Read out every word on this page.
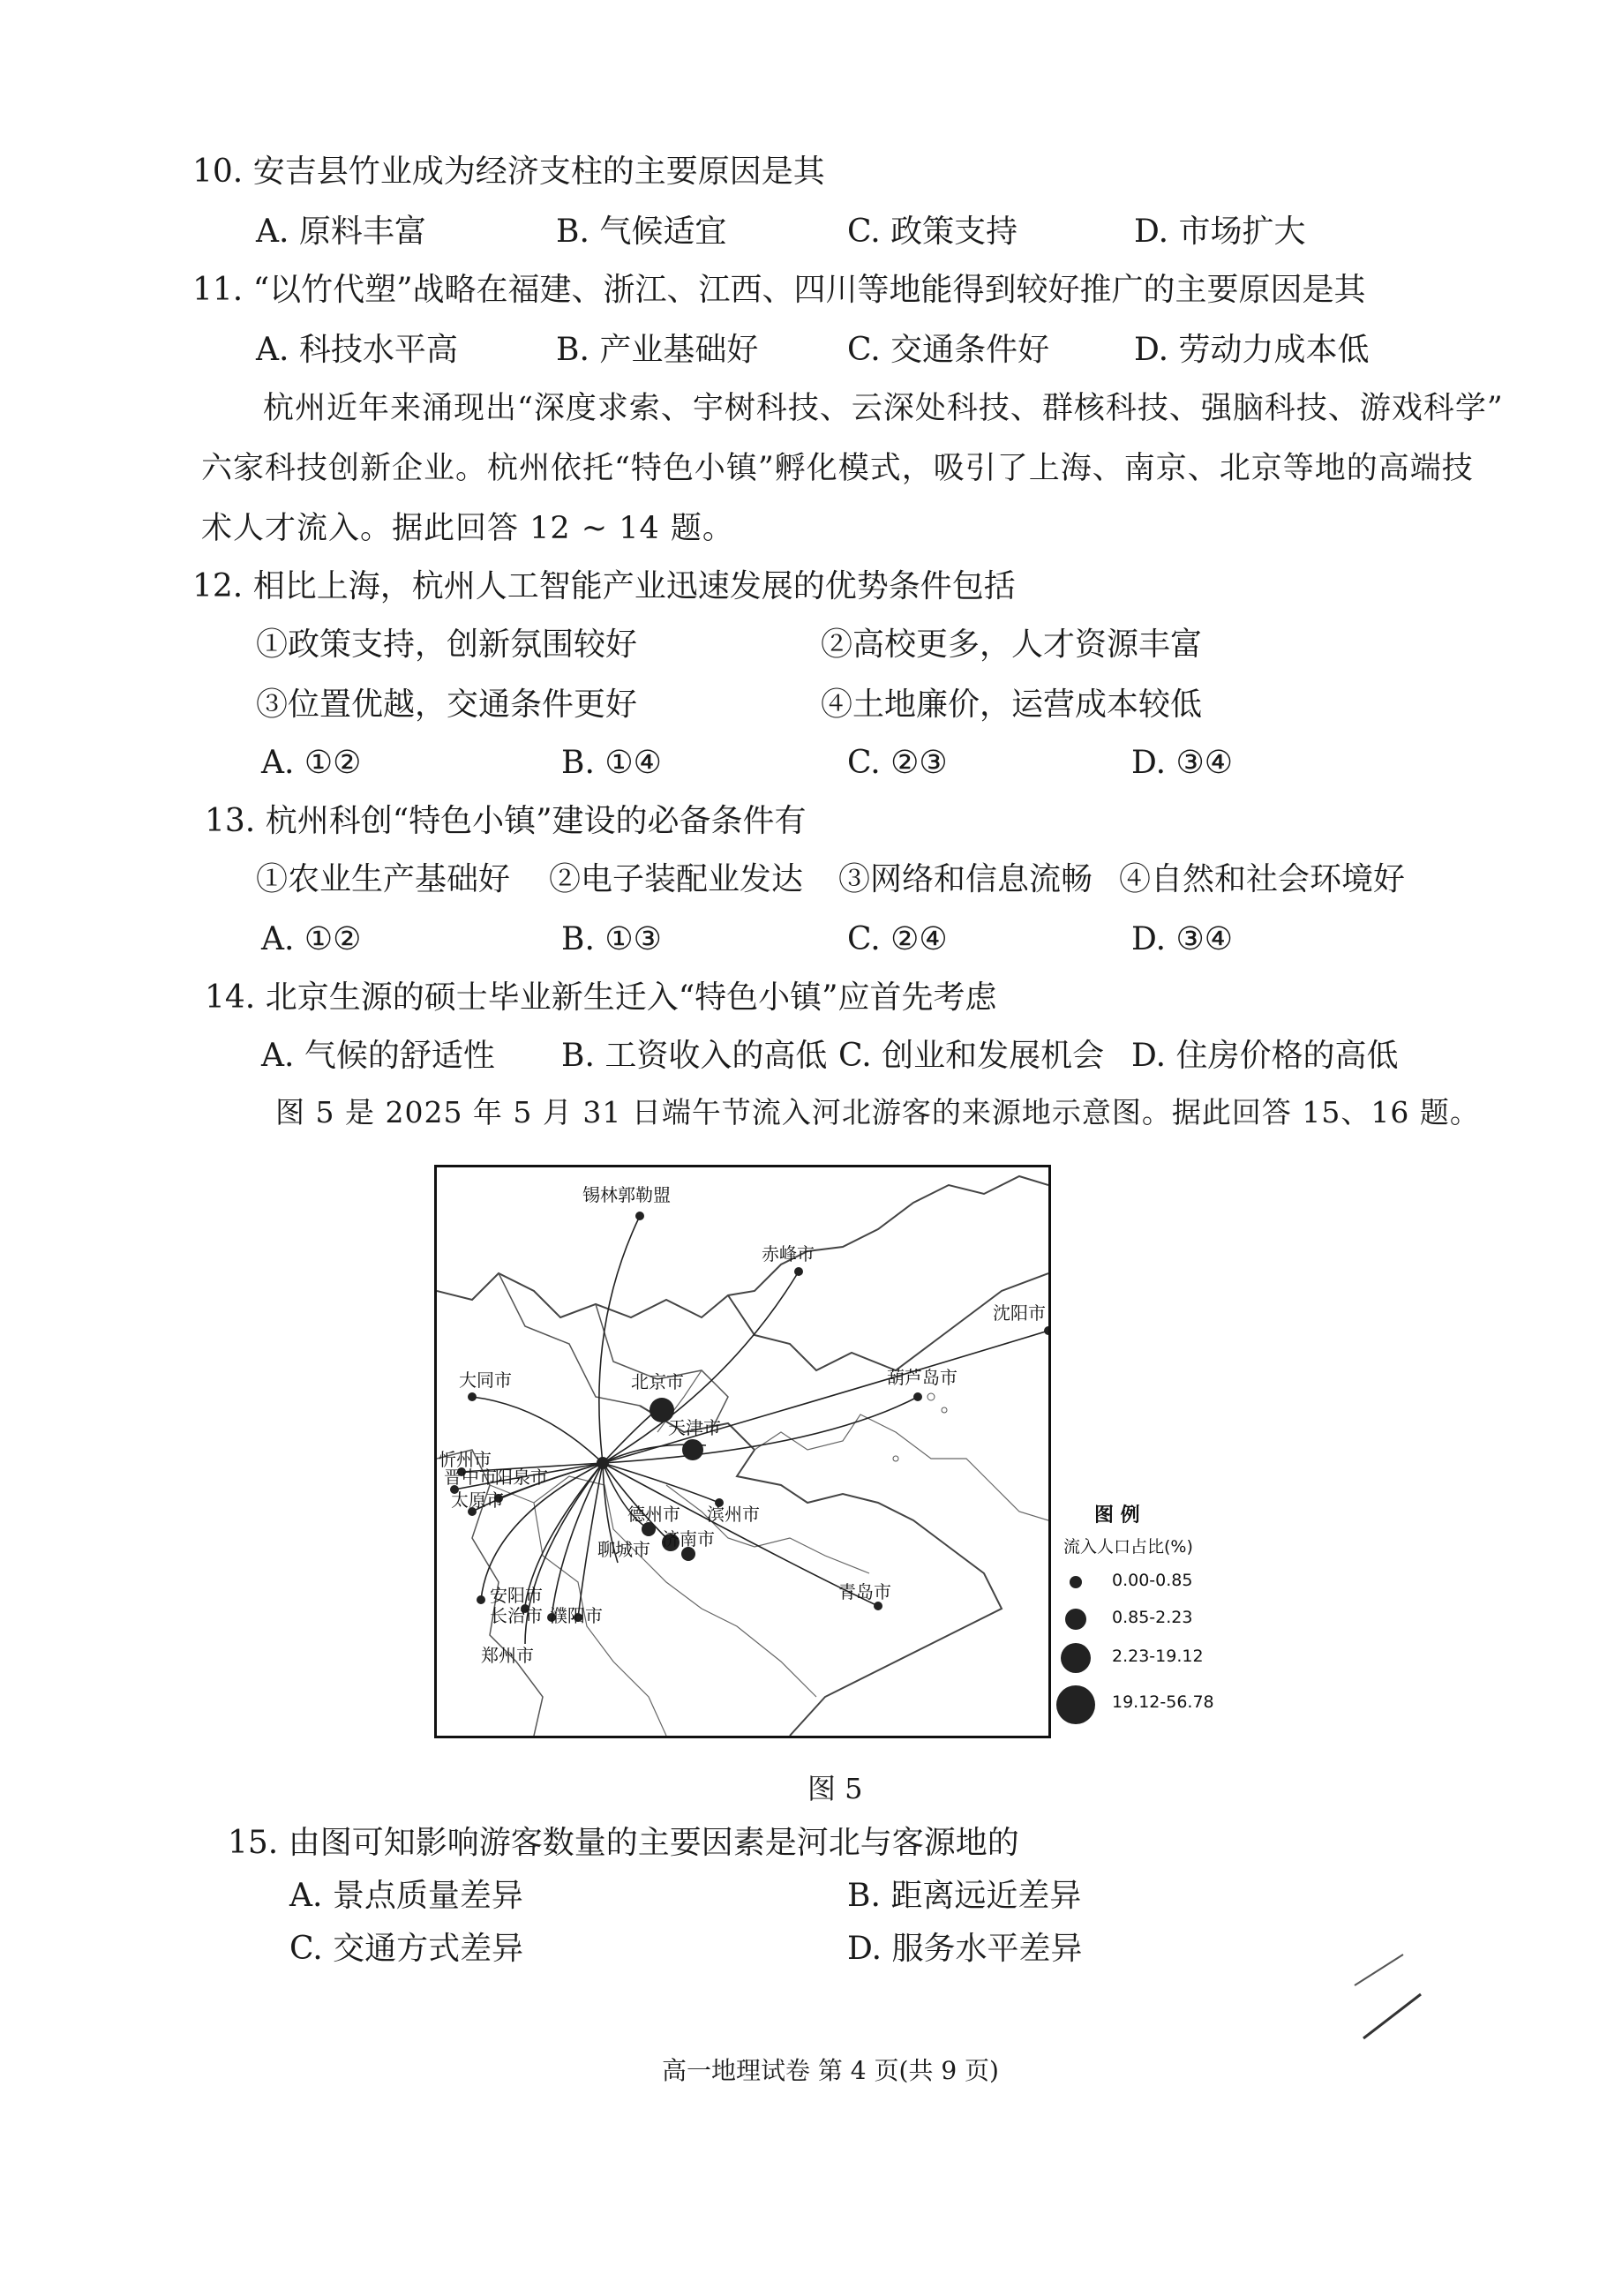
10. 安吉县竹业成为经济支柱的主要原因是其
A. 原料丰富	B. 气候适宜	C. 政策支持	D. 市场扩大
11. “以竹代塑”战略在福建、浙江、江西、四川等地能得到较好推广的主要原因是其
A. 科技水平高	B. 产业基础好	C. 交通条件好	D. 劳动力成本低
杭州近年来涌现出“深度求索、宇树科技、云深处科技、群核科技、强脑科技、游戏科学”
六家科技创新企业。杭州依托“特色小镇”孵化模式，吸引了上海、南京、北京等地的高端技
术人才流入。据此回答 12 ~ 14 题。
12. 相比上海，杭州人工智能产业迅速发展的优势条件包括
①政策支持，创新氛围较好	②高校更多，人才资源丰富
③位置优越，交通条件更好	④土地廉价，运营成本较低
A. ①②	B. ①④	C. ②③	D. ③④
13. 杭州科创“特色小镇”建设的必备条件有
①农业生产基础好 ②电子装配业发达 ③网络和信息流畅 ④自然和社会环境好
A. ①②	B. ①③	C. ②④	D. ③④
14. 北京生源的硕士毕业新生迁入“特色小镇”应首先考虑
A. 气候的舒适性 B. 工资收入的高低 C. 创业和发展机会 D. 住房价格的高低
图 5 是 2025 年 5 月 31 日端午节流入河北游客的来源地示意图。据此回答 15、16 题。
锡林郭勒盟
赤峰市
沈阳市
葫芦岛市
大同市	北京市
天津市
忻州市
晋中市
阳泉市
太原市
德州市 滨州市
聊城市 济南市
安阳市
长治市 濮阳市
青岛市
郑州市
图 例
流入人口占比(%)
0.00-0.85
0.85-2.23
2.23-19.12
19.12-56.78
图 5
15. 由图可知影响游客数量的主要因素是河北与客源地的
A. 景点质量差异	B. 距离远近差异
C. 交通方式差异	D. 服务水平差异
高一地理试卷 第 4 页(共 9 页)
